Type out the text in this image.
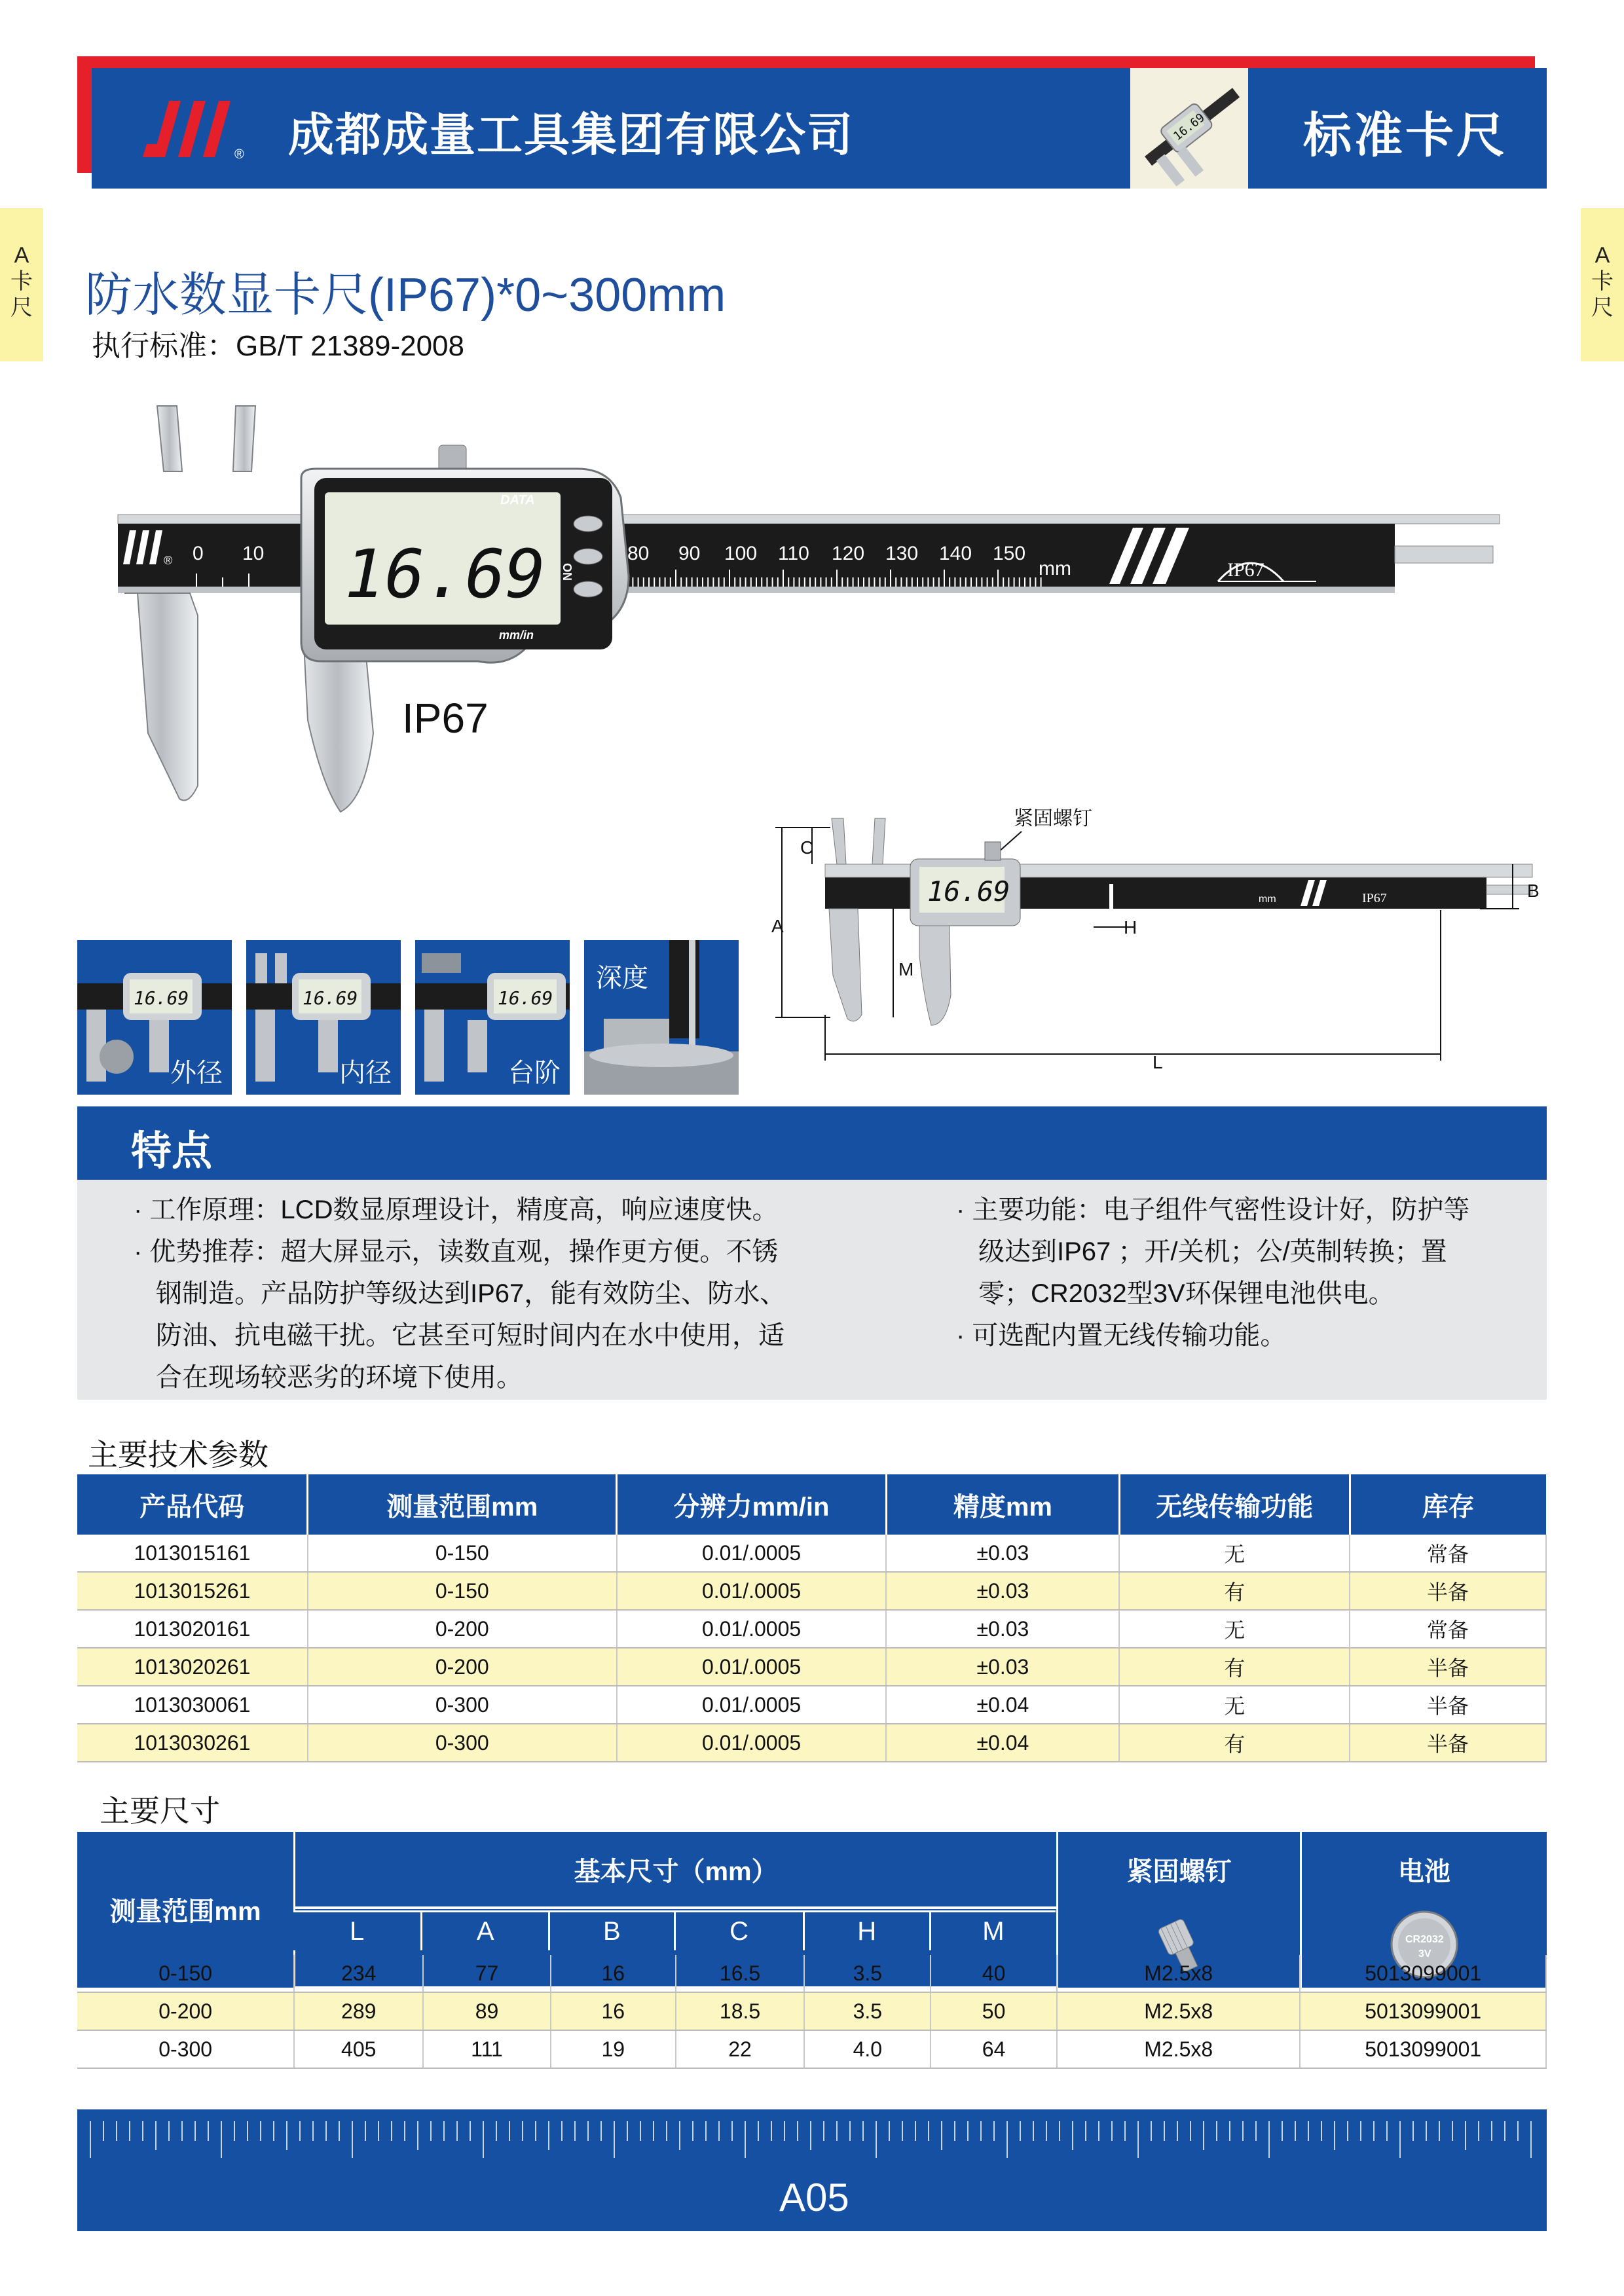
16.69
® 成都成量工具集团有限公司	标准卡尺
A
卡尺
A
卡尺
防水数显卡尺(IP67)*0~300mm
执行标准：GB/T 21389-2008
0 10	80 90 100 110 120 130 140 150
mm
®	IP67
16.69
DATA
mm/in
ON
IP67
16.69
外径
16.69
内径
16.69
台阶
深度
紧固螺钉
16.69	mm	IP67
A
B
C
H
M
L
特点
· 工作原理：LCD数显原理设计，精度高，响应速度快。
· 优势推荐：超大屏显示，读数直观，操作更方便。不锈
钢制造。产品防护等级达到IP67，能有效防尘、防水、
防油、抗电磁干扰。它甚至可短时间内在水中使用，适
合在现场较恶劣的环境下使用。
· 主要功能：电子组件气密性设计好，防护等
级达到IP67 ；开/关机；公/英制转换；置
零；CR2032型3V环保锂电池供电。
· 可选配内置无线传输功能。
主要技术参数
产品代码	测量范围mm	分辨力mm/in	精度mm	无线传输功能	库存
1013015161	0-150	0.01/.0005	±0.03	无	常备
1013015261	0-150	0.01/.0005	±0.03	有	半备
1013020161	0-200	0.01/.0005	±0.03	无	常备
1013020261	0-200	0.01/.0005	±0.03	有	半备
1013030061	0-300	0.01/.0005	±0.04	无	半备
1013030261	0-300	0.01/.0005	±0.04	有	半备
主要尺寸
测量范围mm	基本尺寸（mm）	紧固螺钉	电池

CR2032
3V

L	A	B	C	H	M
0-150	234	77	16	16.5	3.5	40	M2.5x8	5013099001
0-200	289	89	16	18.5	3.5	50	M2.5x8	5013099001
0-300	405	111	19	22	4.0	64	M2.5x8	5013099001
A05
